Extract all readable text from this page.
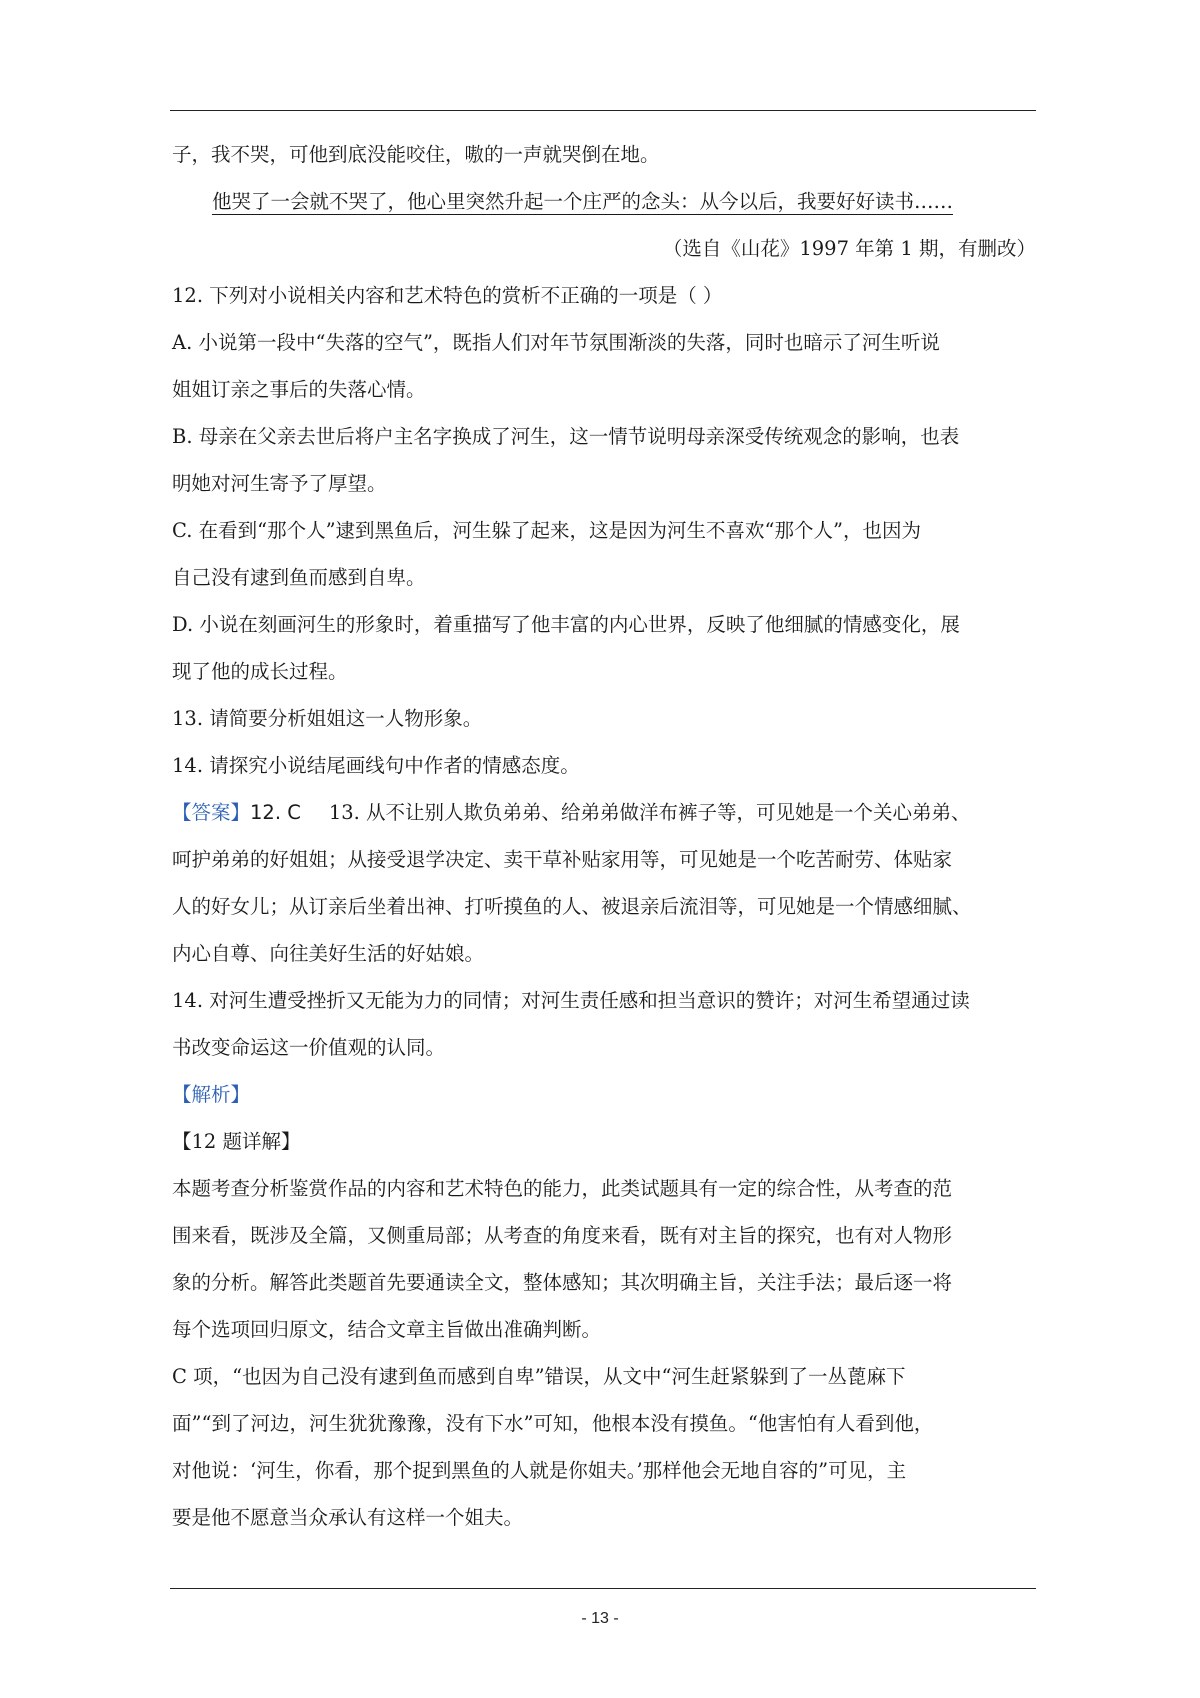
子，我不哭，可他到底没能咬住，嗷的一声就哭倒在地。
他哭了一会就不哭了，他心里突然升起一个庄严的念头：从今以后，我要好好读书……
（选自《山花》1997 年第 1 期，有删改）
12. 下列对小说相关内容和艺术特色的赏析不正确的一项是（ ）
A. 小说第一段中“失落的空气”，既指人们对年节氛围渐淡的失落，同时也暗示了河生听说
姐姐订亲之事后的失落心情。
B. 母亲在父亲去世后将户主名字换成了河生，这一情节说明母亲深受传统观念的影响，也表
明她对河生寄予了厚望。
C. 在看到“那个人”逮到黑鱼后，河生躲了起来，这是因为河生不喜欢“那个人”，也因为
自己没有逮到鱼而感到自卑。
D. 小说在刻画河生的形象时，着重描写了他丰富的内心世界，反映了他细腻的情感变化，展
现了他的成长过程。
13. 请简要分析姐姐这一人物形象。
14. 请探究小说结尾画线句中作者的情感态度。
【答案】12. C 13. 从不让别人欺负弟弟、给弟弟做洋布裤子等，可见她是一个关心弟弟、
呵护弟弟的好姐姐；从接受退学决定、卖干草补贴家用等，可见她是一个吃苦耐劳、体贴家
人的好女儿；从订亲后坐着出神、打听摸鱼的人、被退亲后流泪等，可见她是一个情感细腻、
内心自尊、向往美好生活的好姑娘。
14. 对河生遭受挫折又无能为力的同情；对河生责任感和担当意识的赞许；对河生希望通过读
书改变命运这一价值观的认同。
【解析】
【12 题详解】
本题考查分析鉴赏作品的内容和艺术特色的能力，此类试题具有一定的综合性，从考查的范
围来看，既涉及全篇，又侧重局部；从考查的角度来看，既有对主旨的探究，也有对人物形
象的分析。解答此类题首先要通读全文，整体感知；其次明确主旨，关注手法；最后逐一将
每个选项回归原文，结合文章主旨做出准确判断。
C 项，“也因为自己没有逮到鱼而感到自卑”错误，从文中“河生赶紧躲到了一丛蓖麻下
面”“到了河边，河生犹犹豫豫，没有下水”可知，他根本没有摸鱼。“他害怕有人看到他，
对他说：‘河生，你看，那个捉到黑鱼的人就是你姐夫。’那样他会无地自容的”可见，主
要是他不愿意当众承认有这样一个姐夫。
- 13 -
